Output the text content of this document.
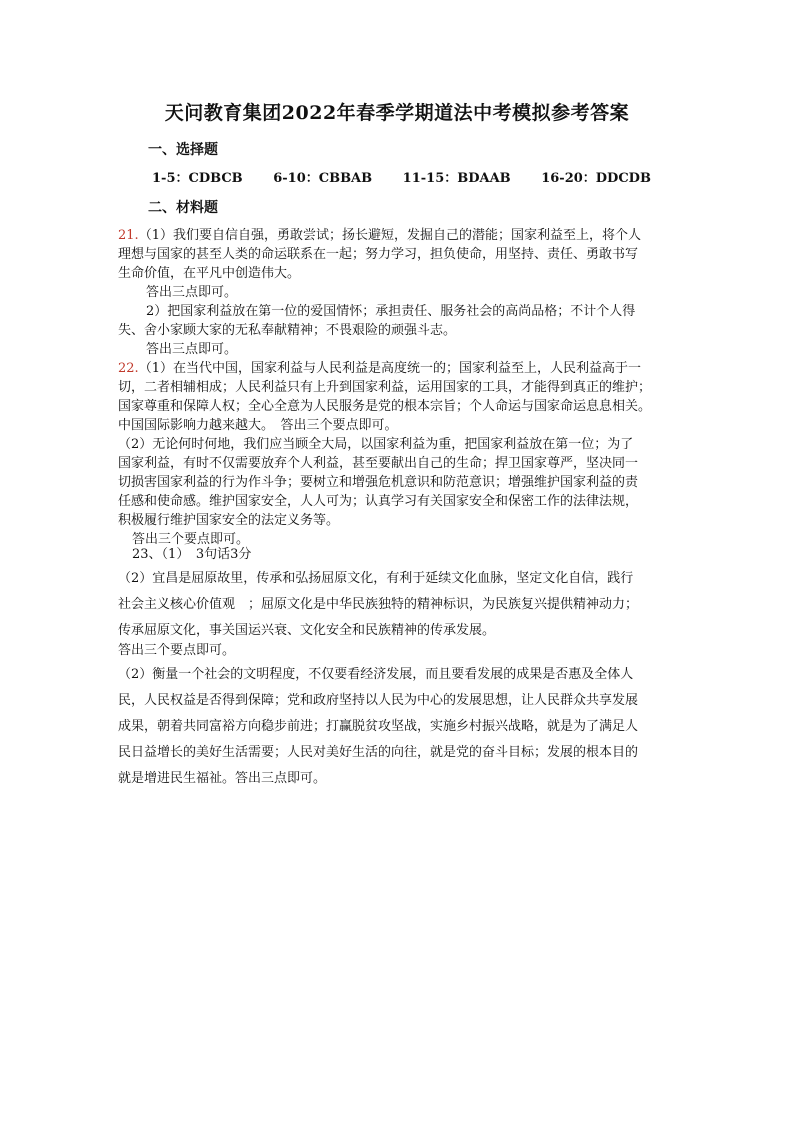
天问教育集团2022年春季学期道法中考模拟参考答案
一、选择题
1-5：CDBCB 6-10：CBBAB 11-15：BDAAB 16-20：DDCDB
二、材料题
21.（1）我们要自信自强，勇敢尝试；扬长避短，发掘自己的潜能；国家利益至上，将个人
理想与国家的甚至人类的命运联系在一起；努力学习，担负使命，用坚持、责任、勇敢书写
生命价值，在平凡中创造伟大。
答出三点即可。
2）把国家利益放在第一位的爱国情怀；承担责任、服务社会的高尚品格；不计个人得
失、舍小家顾大家的无私奉献精神；不畏艰险的顽强斗志。
答出三点即可。
22.（1）在当代中国，国家利益与人民利益是高度统一的；国家利益至上，人民利益高于一
切，二者相辅相成；人民利益只有上升到国家利益，运用国家的工具，才能得到真正的维护；
国家尊重和保障人权；全心全意为人民服务是党的根本宗旨；个人命运与国家命运息息相关。
中国国际影响力越来越大。　答出三个要点即可。
（2）无论何时何地，我们应当顾全大局，以国家利益为重，把国家利益放在第一位；为了
国家利益，有时不仅需要放弃个人利益，甚至要献出自己的生命；捍卫国家尊严，坚决同一
切损害国家利益的行为作斗争；要树立和增强危机意识和防范意识；增强维护国家利益的责
任感和使命感。维护国家安全，人人可为；认真学习有关国家安全和保密工作的法律法规，
积极履行维护国家安全的法定义务等。
答出三个要点即可。
23、（1）　3句话3分
（2）宜昌是屈原故里，传承和弘扬屈原文化，有利于延续文化血脉，坚定文化自信，践行
社会主义核心价值观　；屈原文化是中华民族独特的精神标识，为民族复兴提供精神动力；
传承屈原文化，事关国运兴衰、文化安全和民族精神的传承发展。
答出三个要点即可。
（2）衡量一个社会的文明程度，不仅要看经济发展，而且要看发展的成果是否惠及全体人
民，人民权益是否得到保障；党和政府坚持以人民为中心的发展思想，让人民群众共享发展
成果，朝着共同富裕方向稳步前进；打赢脱贫攻坚战，实施乡村振兴战略，就是为了满足人
民日益增长的美好生活需要；人民对美好生活的向往，就是党的奋斗目标；发展的根本目的
就是增进民生福祉。答出三点即可。
